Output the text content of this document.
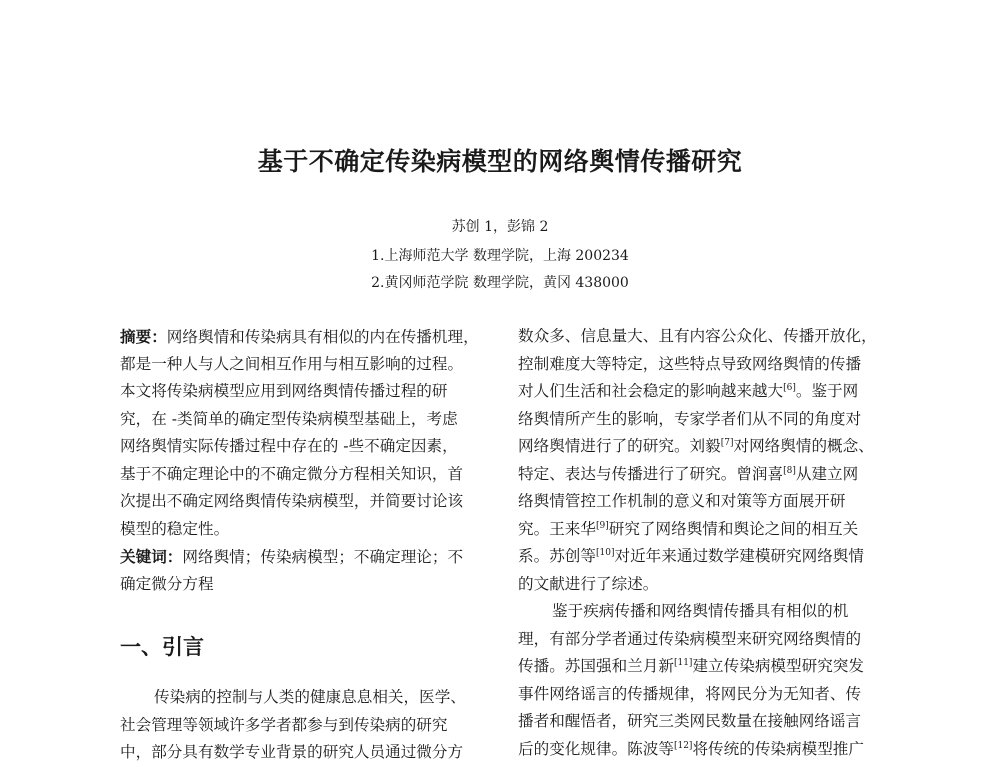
基于不确定传染病模型的网络舆情传播研究
苏创 1，彭锦 2
1.上海师范大学 数理学院，上海 200234
2.黄冈师范学院 数理学院，黄冈 438000
摘要：网络舆情和传染病具有相似的内在传播机理，
都是一种人与人之间相互作用与相互影响的过程。
本文将传染病模型应用到网络舆情传播过程的研
究，在 -类简单的确定型传染病模型基础上，考虑
网络舆情实际传播过程中存在的 -些不确定因素，
基于不确定理论中的不确定微分方程相关知识，首
次提出不确定网络舆情传染病模型，并简要讨论该
模型的稳定性。
关键词：网络舆情；传染病模型；不确定理论；不
确定微分方程
一、引言
传染病的控制与人类的健康息息相关，医学、
社会管理等领域许多学者都参与到传染病的研究
中，部分具有数学专业背景的研究人员通过微分方
数众多、信息量大、且有内容公众化、传播开放化，
控制难度大等特定，这些特点导致网络舆情的传播
对人们生活和社会稳定的影响越来越大[6]。鉴于网
络舆情所产生的影响，专家学者们从不同的角度对
网络舆情进行了的研究。刘毅[7]对网络舆情的概念、
特定、表达与传播进行了研究。曾润喜[8]从建立网
络舆情管控工作机制的意义和对策等方面展开研
究。王来华[9]研究了网络舆情和舆论之间的相互关
系。苏创等[10]对近年来通过数学建模研究网络舆情
的文献进行了综述。
鉴于疾病传播和网络舆情传播具有相似的机
理，有部分学者通过传染病模型来研究网络舆情的
传播。苏国强和兰月新[11]建立传染病模型研究突发
事件网络谣言的传播规律，将网民分为无知者、传
播者和醒悟者，研究三类网民数量在接触网络谣言
后的变化规律。陈波等[12]将传统的传染病模型推广
